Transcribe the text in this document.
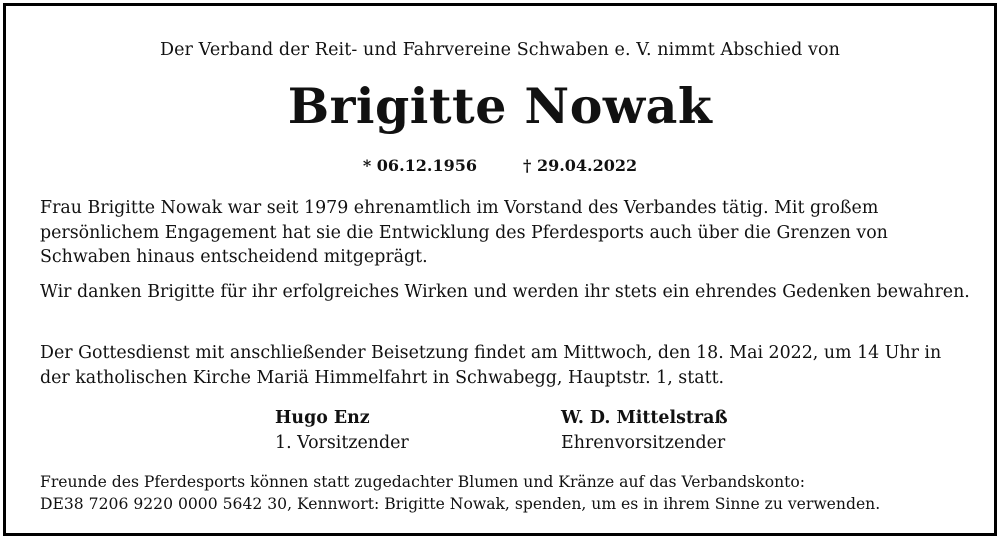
Der Verband der Reit- und Fahrvereine Schwaben e. V. nimmt Abschied von
Brigitte Nowak
* 06.12.1956	† 29.04.2022

Frau Brigitte Nowak war seit 1979 ehrenamtlich im Vorstand des Verbandes tätig. Mit großem persönlichem Engagement hat sie die Entwicklung des Pferdesports auch über die Grenzen von Schwaben hinaus entscheidend mitgeprägt.

Wir danken Brigitte für ihr erfolgreiches Wirken und werden ihr stets ein ehrendes Gedenken bewahren.

Der Gottesdienst mit anschließender Beisetzung findet am Mittwoch, den 18. Mai 2022, um 14 Uhr in der katholischen Kirche Mariä Himmelfahrt in Schwabegg, Hauptstr. 1, statt.

Hugo Enz
1. Vorsitzender
W. D. Mittelstraß
Ehrenvorsitzender
Freunde des Pferdesports können statt zugedachter Blumen und Kränze auf das Verbandskonto:
DE38 7206 9220 0000 5642 30, Kennwort: Brigitte Nowak, spenden, um es in ihrem Sinne zu verwenden.
